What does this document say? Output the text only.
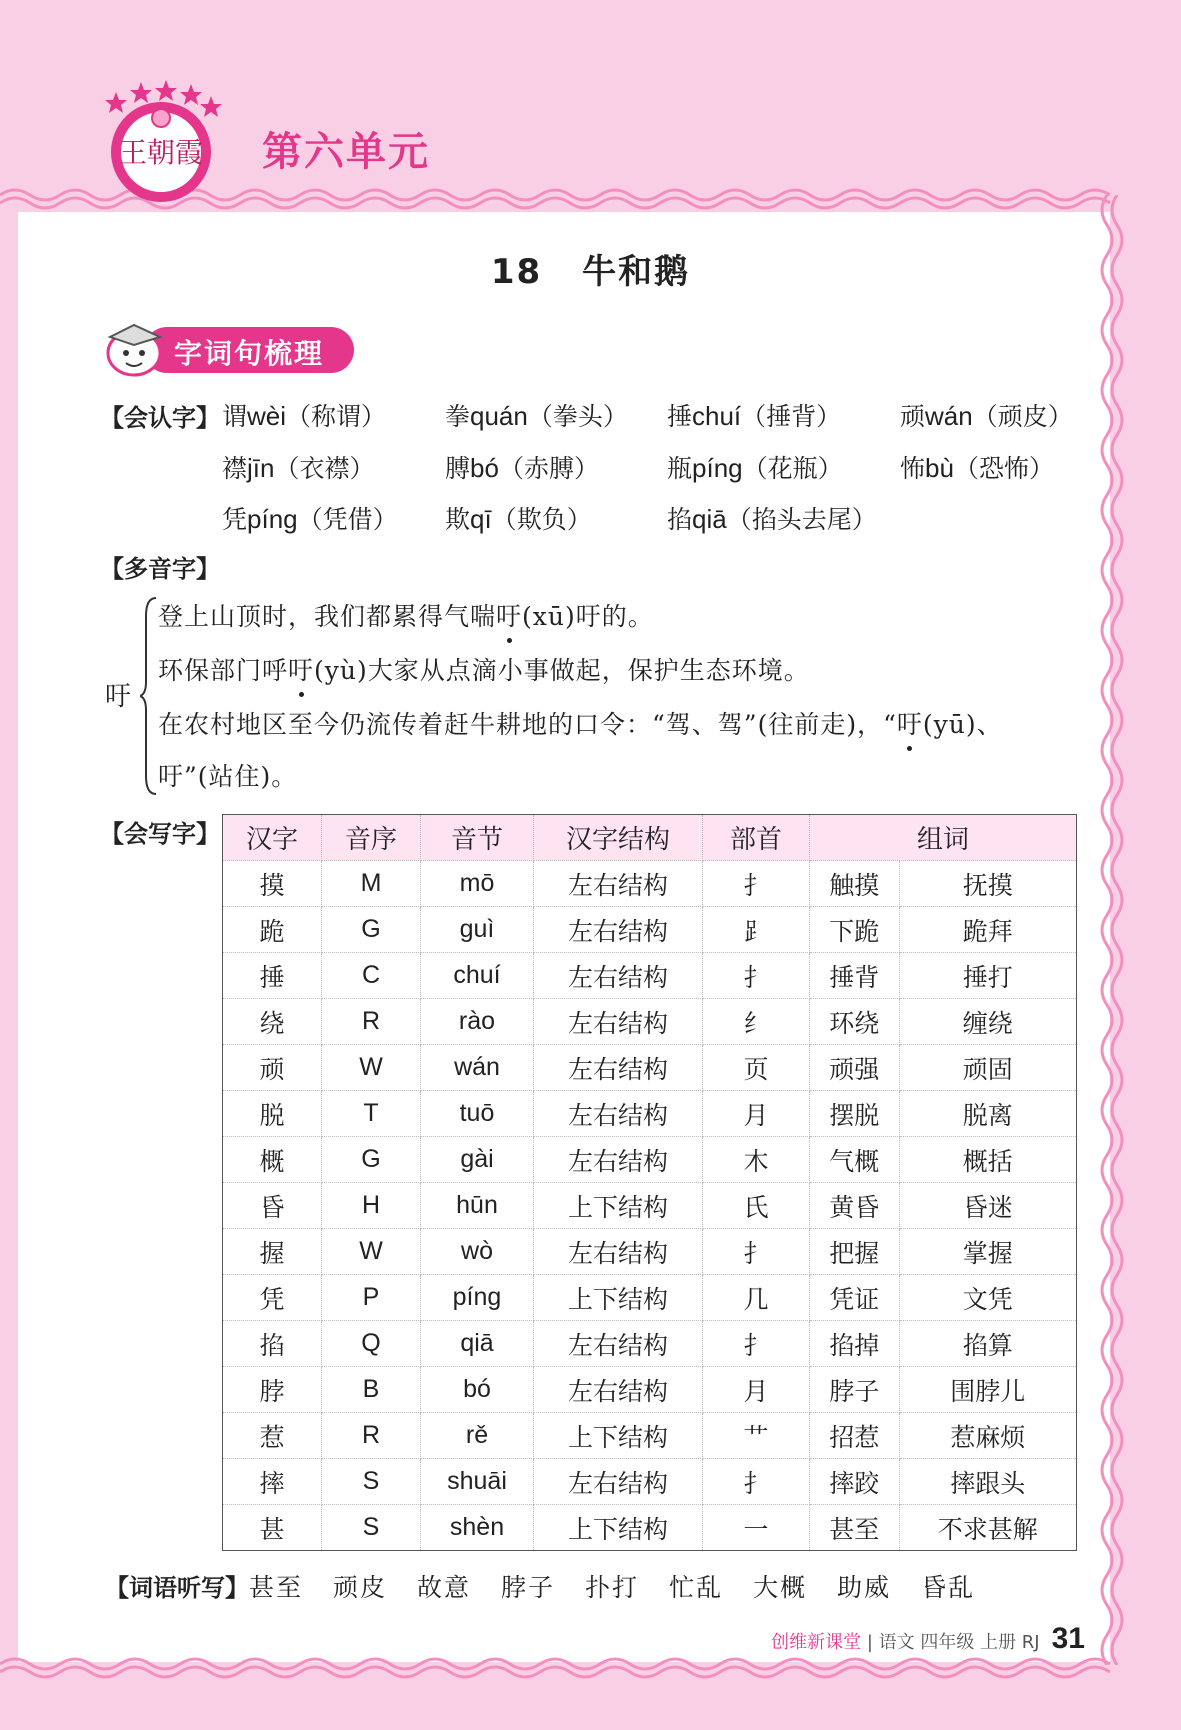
王朝霞 第六单元
18 牛和鹅
字词句梳理
【会认字】 谓wèi（称谓） 拳quán（拳头） 捶chuí（捶背） 顽wán（顽皮）
襟jīn（衣襟）	膊bó（赤膊）	瓶píng（花瓶） 怖bù（恐怖）
凭píng（凭借） 欺qī（欺负）	掐qiā（掐头去尾）
【多音字】
吁
登上山顶时，我们都累得气喘吁(xū)吁的。
环保部门呼吁(yù)大家从点滴小事做起，保护生态环境。
在农村地区至今仍流传着赶牛耕地的口令：“驾、驾”(往前走)，“吁(yū)、
吁”(站住)。
【会写字】 汉字	音序	音节	汉字结构	部首	组词	
摸	M	mō	左右结构	扌	触摸	抚摸
跪	G	guì	左右结构	⻊	下跪	跪拜
捶	C	chuí	左右结构	扌	捶背	捶打
绕	R	rào	左右结构	纟	环绕	缠绕
顽	W	wán	左右结构	页	顽强	顽固
脱	T	tuō	左右结构	月	摆脱	脱离
概	G	gài	左右结构	木	气概	概括
昏	H	hūn	上下结构	氏	黄昏	昏迷
握	W	wò	左右结构	扌	把握	掌握
凭	P	píng	上下结构	几	凭证	文凭
掐	Q	qiā	左右结构	扌	掐掉	掐算
脖	B	bó	左右结构	月	脖子	围脖儿
惹	R	rě	上下结构	艹	招惹	惹麻烦
摔	S	shuāi	左右结构	扌	摔跤	摔跟头
甚	S	shèn	上下结构	一	甚至	不求甚解
【词语听写】甚至 顽皮 故意 脖子 扑打 忙乱 大概 助威 昏乱
创维新课堂 | 语文 四年级 上册 RJ 31
